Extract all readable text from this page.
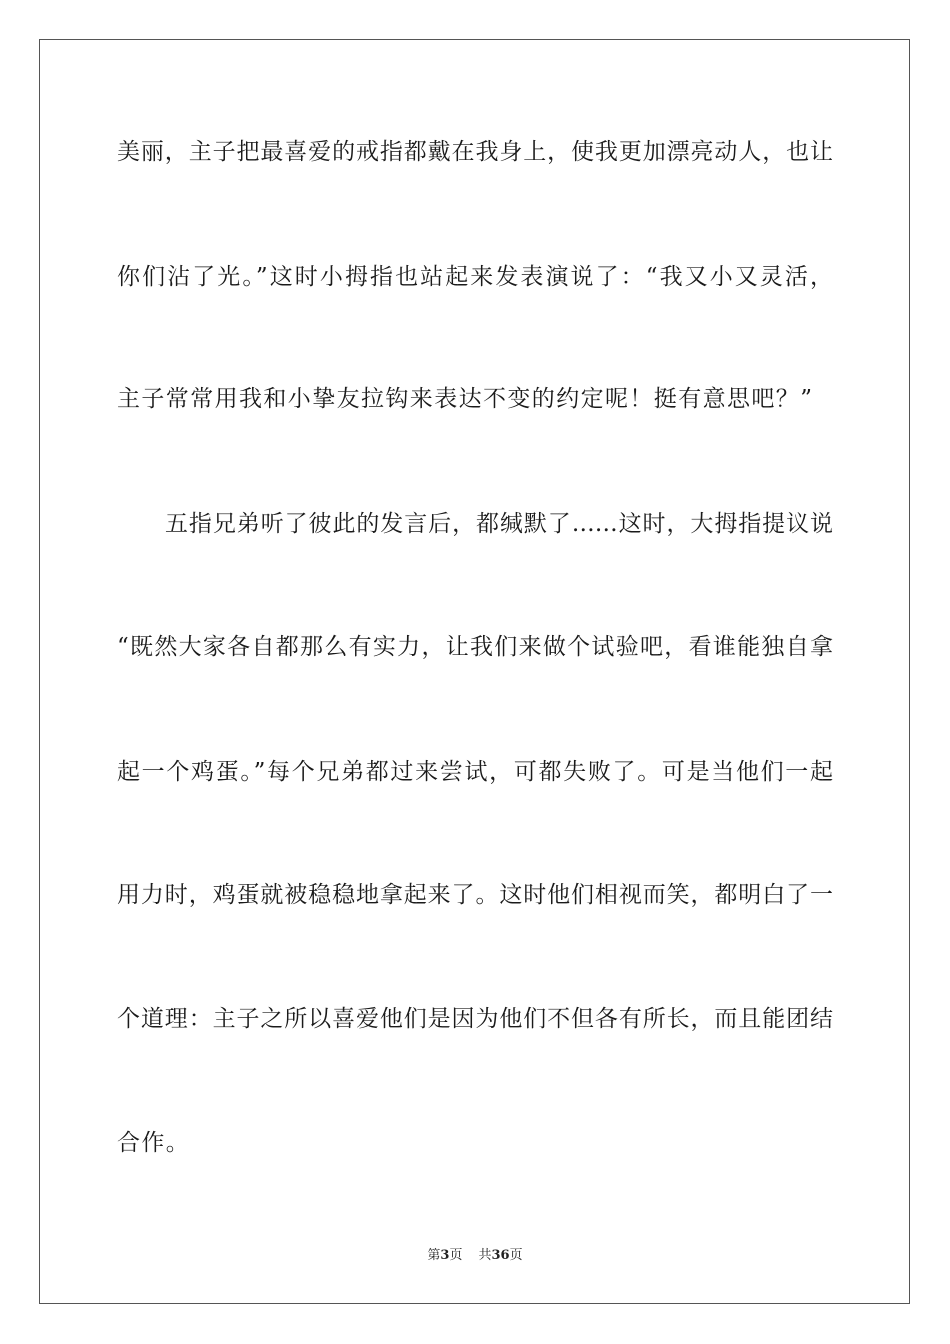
美丽，主子把最喜爱的戒指都戴在我身上，使我更加漂亮动人，也让
你们沾了光。”这时小拇指也站起来发表演说了：“我又小又灵活，
主子常常用我和小挚友拉钩来表达不变的约定呢！挺有意思吧？”
五指兄弟听了彼此的发言后，都缄默了……这时，大拇指提议说
“既然大家各自都那么有实力，让我们来做个试验吧，看谁能独自拿
起一个鸡蛋。”每个兄弟都过来尝试，可都失败了。可是当他们一起
用力时，鸡蛋就被稳稳地拿起来了。这时他们相视而笑，都明白了一
个道理：主子之所以喜爱他们是因为他们不但各有所长，而且能团结
合作。
第3页 共36页
